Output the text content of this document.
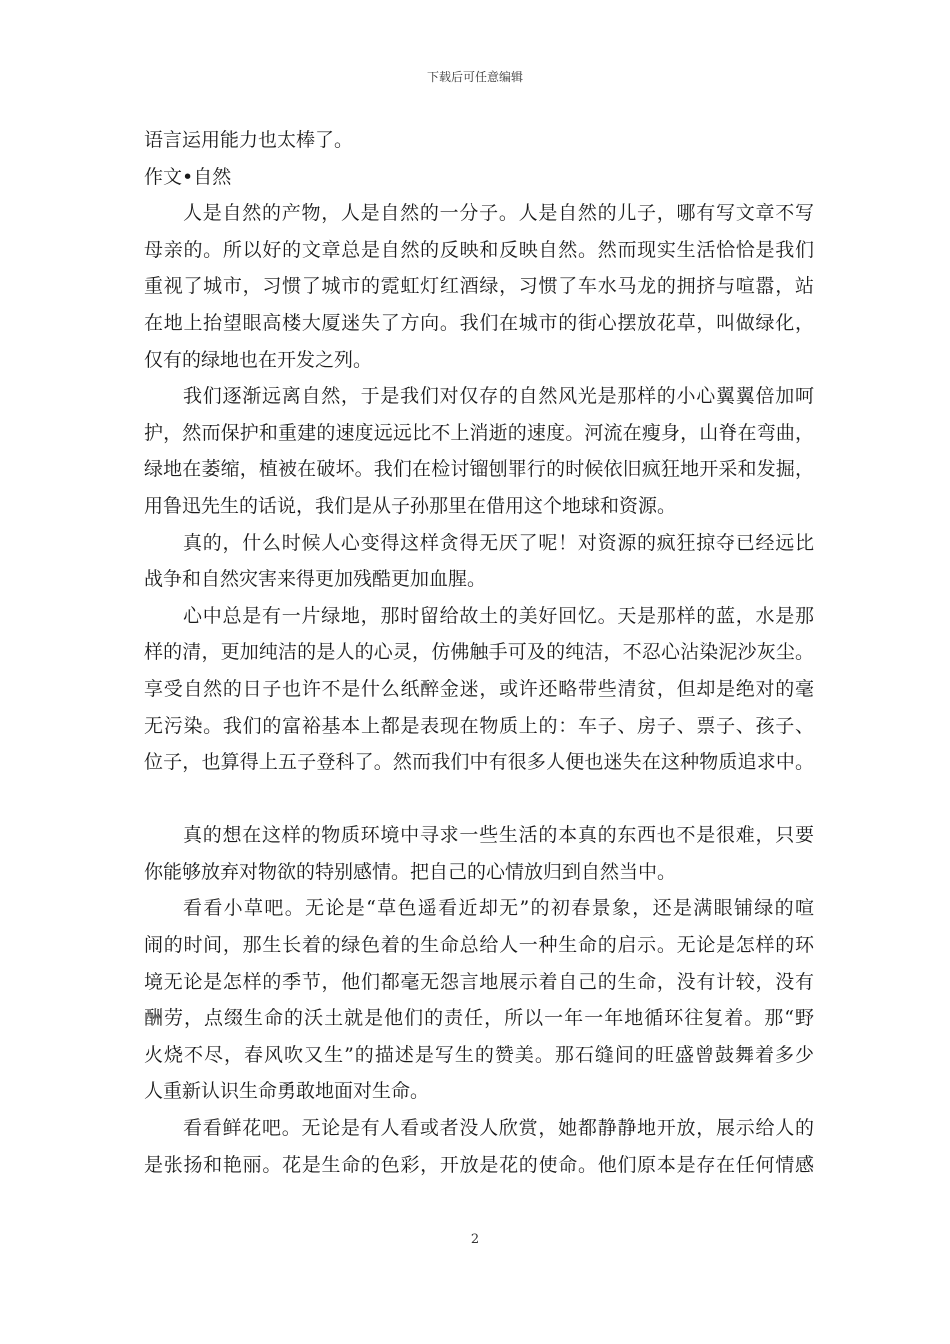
下载后可任意编辑
语言运用能力也太棒了。
作文•自然
人是自然的产物，人是自然的一分子。人是自然的儿子，哪有写文章不写
母亲的。所以好的文章总是自然的反映和反映自然。然而现实生活恰恰是我们
重视了城市，习惯了城市的霓虹灯红酒绿，习惯了车水马龙的拥挤与喧嚣，站
在地上抬望眼高楼大厦迷失了方向。我们在城市的街心摆放花草，叫做绿化，
仅有的绿地也在开发之列。
我们逐渐远离自然，于是我们对仅存的自然风光是那样的小心翼翼倍加呵
护，然而保护和重建的速度远远比不上消逝的速度。河流在瘦身，山脊在弯曲，
绿地在萎缩，植被在破坏。我们在检讨镏刨罪行的时候依旧疯狂地开采和发掘，
用鲁迅先生的话说，我们是从子孙那里在借用这个地球和资源。
真的，什么时候人心变得这样贪得无厌了呢！对资源的疯狂掠夺已经远比
战争和自然灾害来得更加残酷更加血腥。
心中总是有一片绿地，那时留给故土的美好回忆。天是那样的蓝，水是那
样的清，更加纯洁的是人的心灵，仿佛触手可及的纯洁，不忍心沾染泥沙灰尘。
享受自然的日子也许不是什么纸醉金迷，或许还略带些清贫，但却是绝对的毫
无污染。我们的富裕基本上都是表现在物质上的：车子、房子、票子、孩子、
位子，也算得上五子登科了。然而我们中有很多人便也迷失在这种物质追求中。
真的想在这样的物质环境中寻求一些生活的本真的东西也不是很难，只要
你能够放弃对物欲的特别感情。把自己的心情放归到自然当中。
看看小草吧。无论是“草色遥看近却无”的初春景象，还是满眼铺绿的喧
闹的时间，那生长着的绿色着的生命总给人一种生命的启示。无论是怎样的环
境无论是怎样的季节，他们都毫无怨言地展示着自己的生命，没有计较，没有
酬劳，点缀生命的沃土就是他们的责任，所以一年一年地循环往复着。那“野
火烧不尽，春风吹又生”的描述是写生的赞美。那石缝间的旺盛曾鼓舞着多少
人重新认识生命勇敢地面对生命。
看看鲜花吧。无论是有人看或者没人欣赏，她都静静地开放，展示给人的
是张扬和艳丽。花是生命的色彩，开放是花的使命。他们原本是存在任何情感
2
